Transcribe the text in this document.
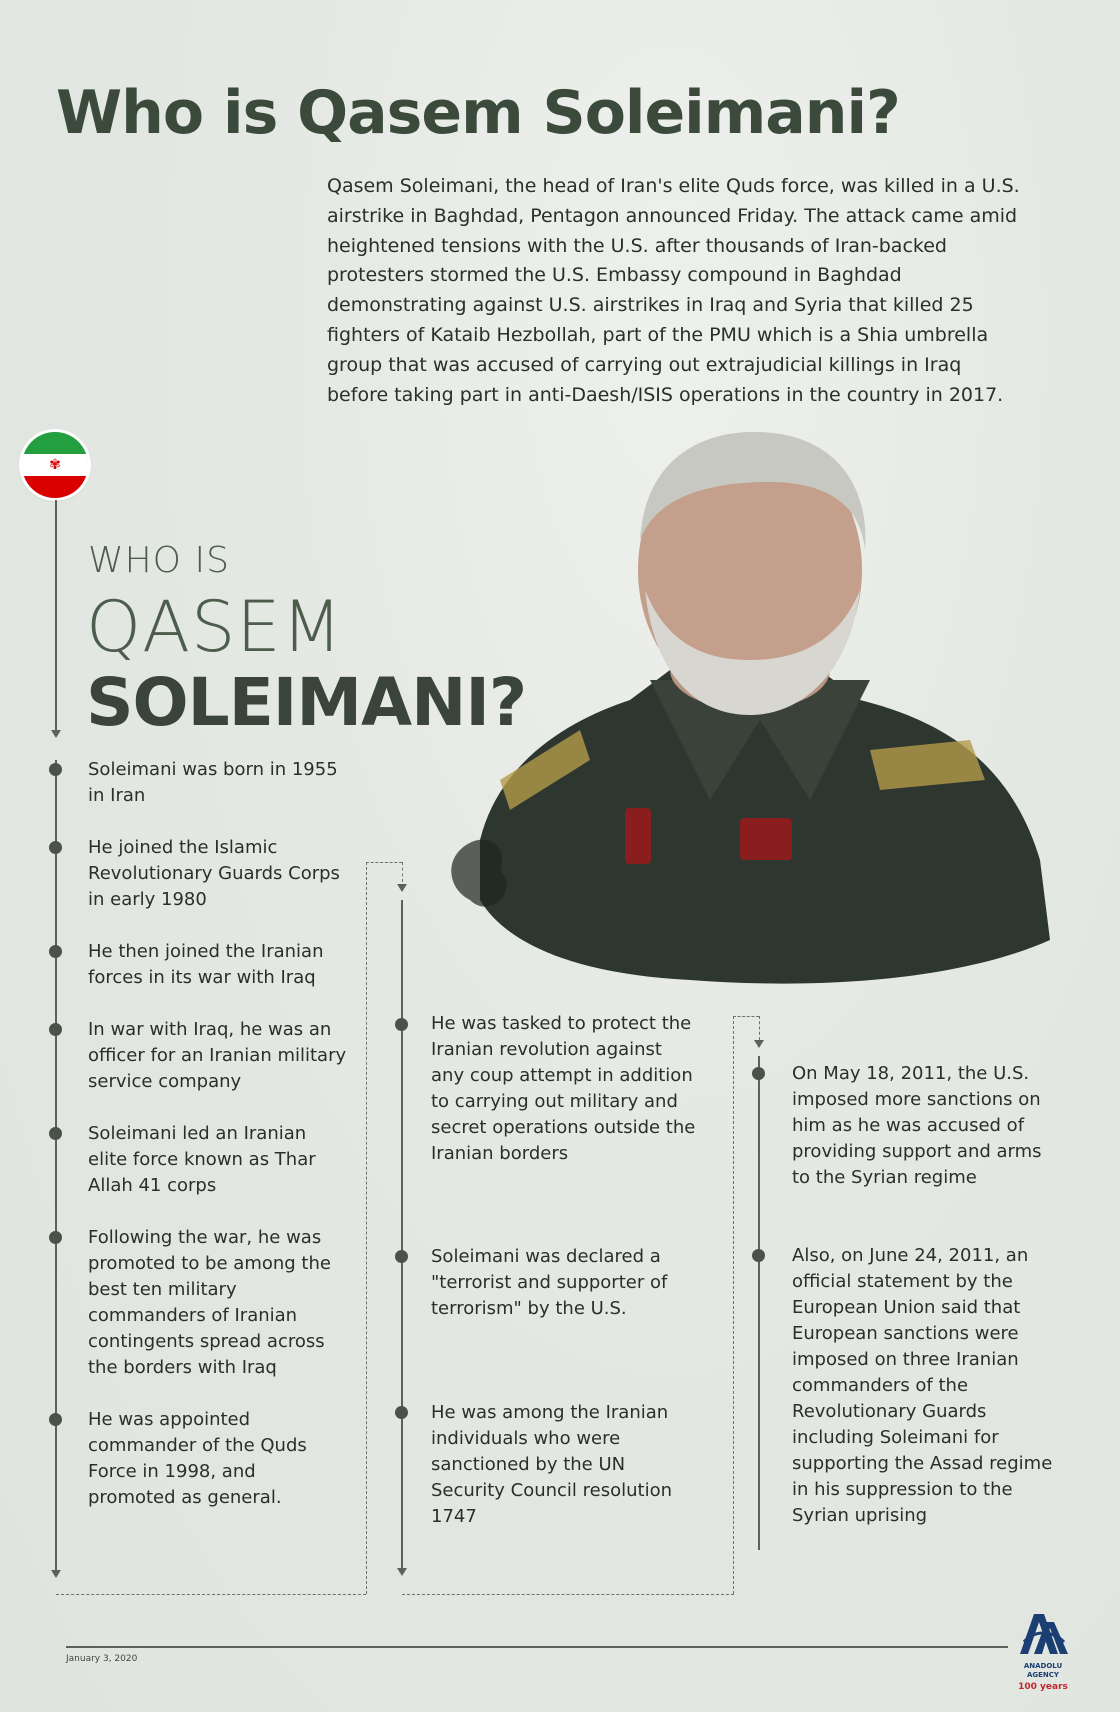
Who is Qasem Soleimani?

Qasem Soleimani, the head of Iran's elite Quds force, was killed in a U.S. airstrike in Baghdad, Pentagon announced Friday. The attack came amid heightened tensions with the U.S. after thousands of Iran-backed protesters stormed the U.S. Embassy compound in Baghdad demonstrating against U.S. airstrikes in Iraq and Syria that killed 25 fighters of Kataib Hezbollah, part of the PMU which is a Shia umbrella group that was accused of carrying out extrajudicial killings in Iraq before taking part in anti-Daesh/ISIS operations in the country in 2017.

✾
WHO IS
QASEM
SOLEIMANI?
Soleimani was born in 1955 in Iran
He joined the Islamic Revolutionary Guards Corps in early 1980
He then joined the Iranian forces in its war with Iraq
In war with Iraq, he was an officer for an Iranian military service company
Soleimani led an Iranian elite force known as Thar Allah 41 corps
Following the war, he was promoted to be among the best ten military commanders of Iranian contingents spread across the borders with Iraq
He was appointed commander of the Quds Force in 1998, and promoted as general.
He was tasked to protect the Iranian revolution against any coup attempt in addition to carrying out military and secret operations outside the Iranian borders
Soleimani was declared a "terrorist and supporter of terrorism" by the U.S.
He was among the Iranian individuals who were sanctioned by the UN Security Council resolution 1747
On May 18, 2011, the U.S. imposed more sanctions on him as he was accused of providing support and arms to the Syrian regime
Also, on June 24, 2011, an official statement by the European Union said that European sanctions were imposed on three Iranian commanders of the Revolutionary Guards including Soleimani for supporting the Assad regime in his suppression to the Syrian uprising
January 3, 2020
ANADOLU AGENCY
100 years
